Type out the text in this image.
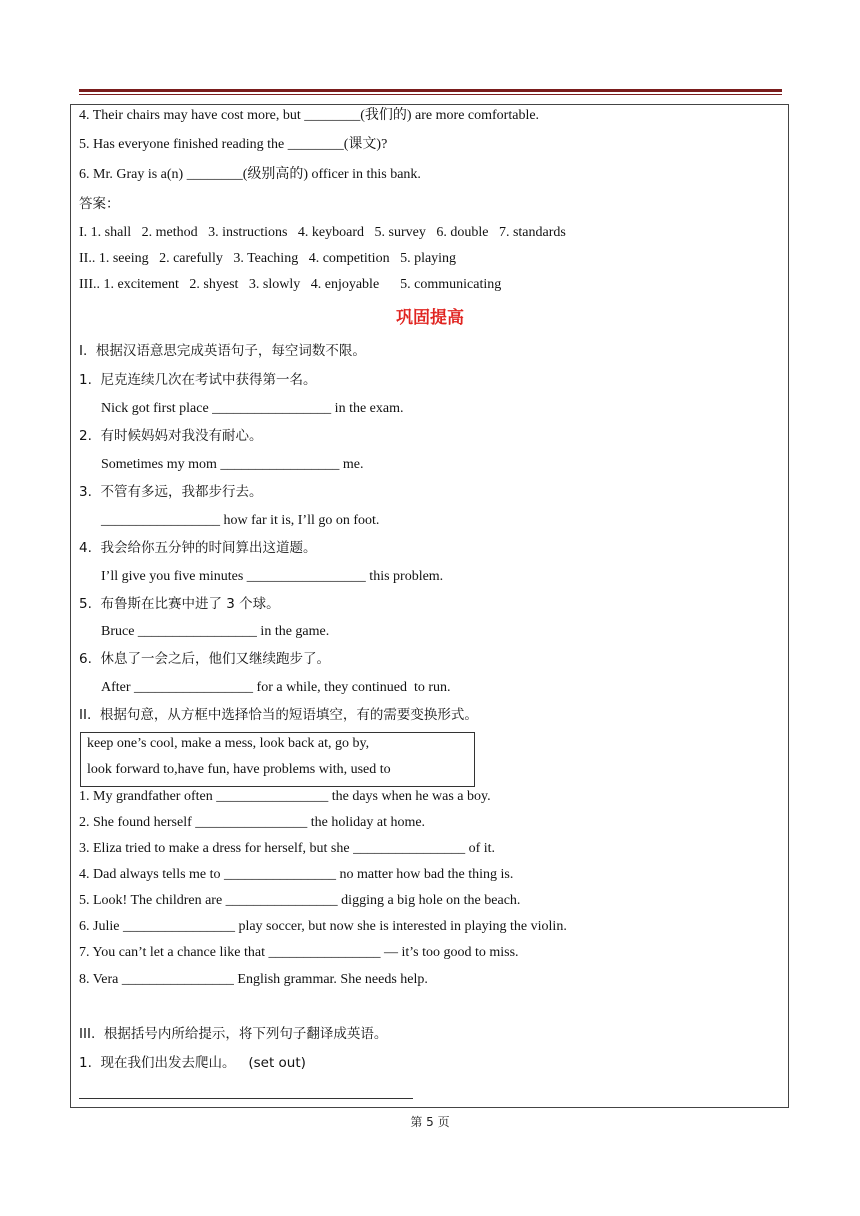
4. Their chairs may have cost more, but ________(我们的) are more comfortable.
5. Has everyone finished reading the ________(课文)?
6. Mr. Gray is a(n) ________(级别高的) officer in this bank.
答案：
I. 1. shall   2. method   3. instructions   4. keyboard   5. survey   6. double   7. standards
II.. 1. seeing   2. carefully   3. Teaching   4. competition   5. playing
III.. 1. excitement   2. shyest   3. slowly   4. enjoyable      5. communicating
巩固提高
I.  根据汉语意思完成英语句子，每空词数不限。
1.  尼克连续几次在考试中获得第一名。
Nick got first place _________________ in the exam.
2.  有时候妈妈对我没有耐心。
Sometimes my mom _________________ me.
3.  不管有多远，我都步行去。
_________________ how far it is, I’ll go on foot.
4.  我会给你五分钟的时间算出这道题。
I’ll give you five minutes _________________ this problem.
5.  布鲁斯在比赛中进了 3 个球。
Bruce _________________ in the game.
6.  休息了一会之后，他们又继续跑步了。
After _________________ for a while, they continued  to run.
II.  根据句意，从方框中选择恰当的短语填空，有的需要变换形式。
keep one’s cool, make a mess, look back at, go by,
look forward to,have fun, have problems with, used to
1. My grandfather often ________________ the days when he was a boy.
2. She found herself ________________ the holiday at home.
3. Eliza tried to make a dress for herself, but she ________________ of it.
4. Dad always tells me to ________________ no matter how bad the thing is.
5. Look! The children are ________________ digging a big hole on the beach.
6. Julie ________________ play soccer, but now she is interested in playing the violin.
7. You can’t let a chance like that ________________ — it’s too good to miss.
8. Vera ________________ English grammar. She needs help.
III.  根据括号内所给提示，将下列句子翻译成英语。
1.  现在我们出发去爬山。   (set out)
第 5 页
